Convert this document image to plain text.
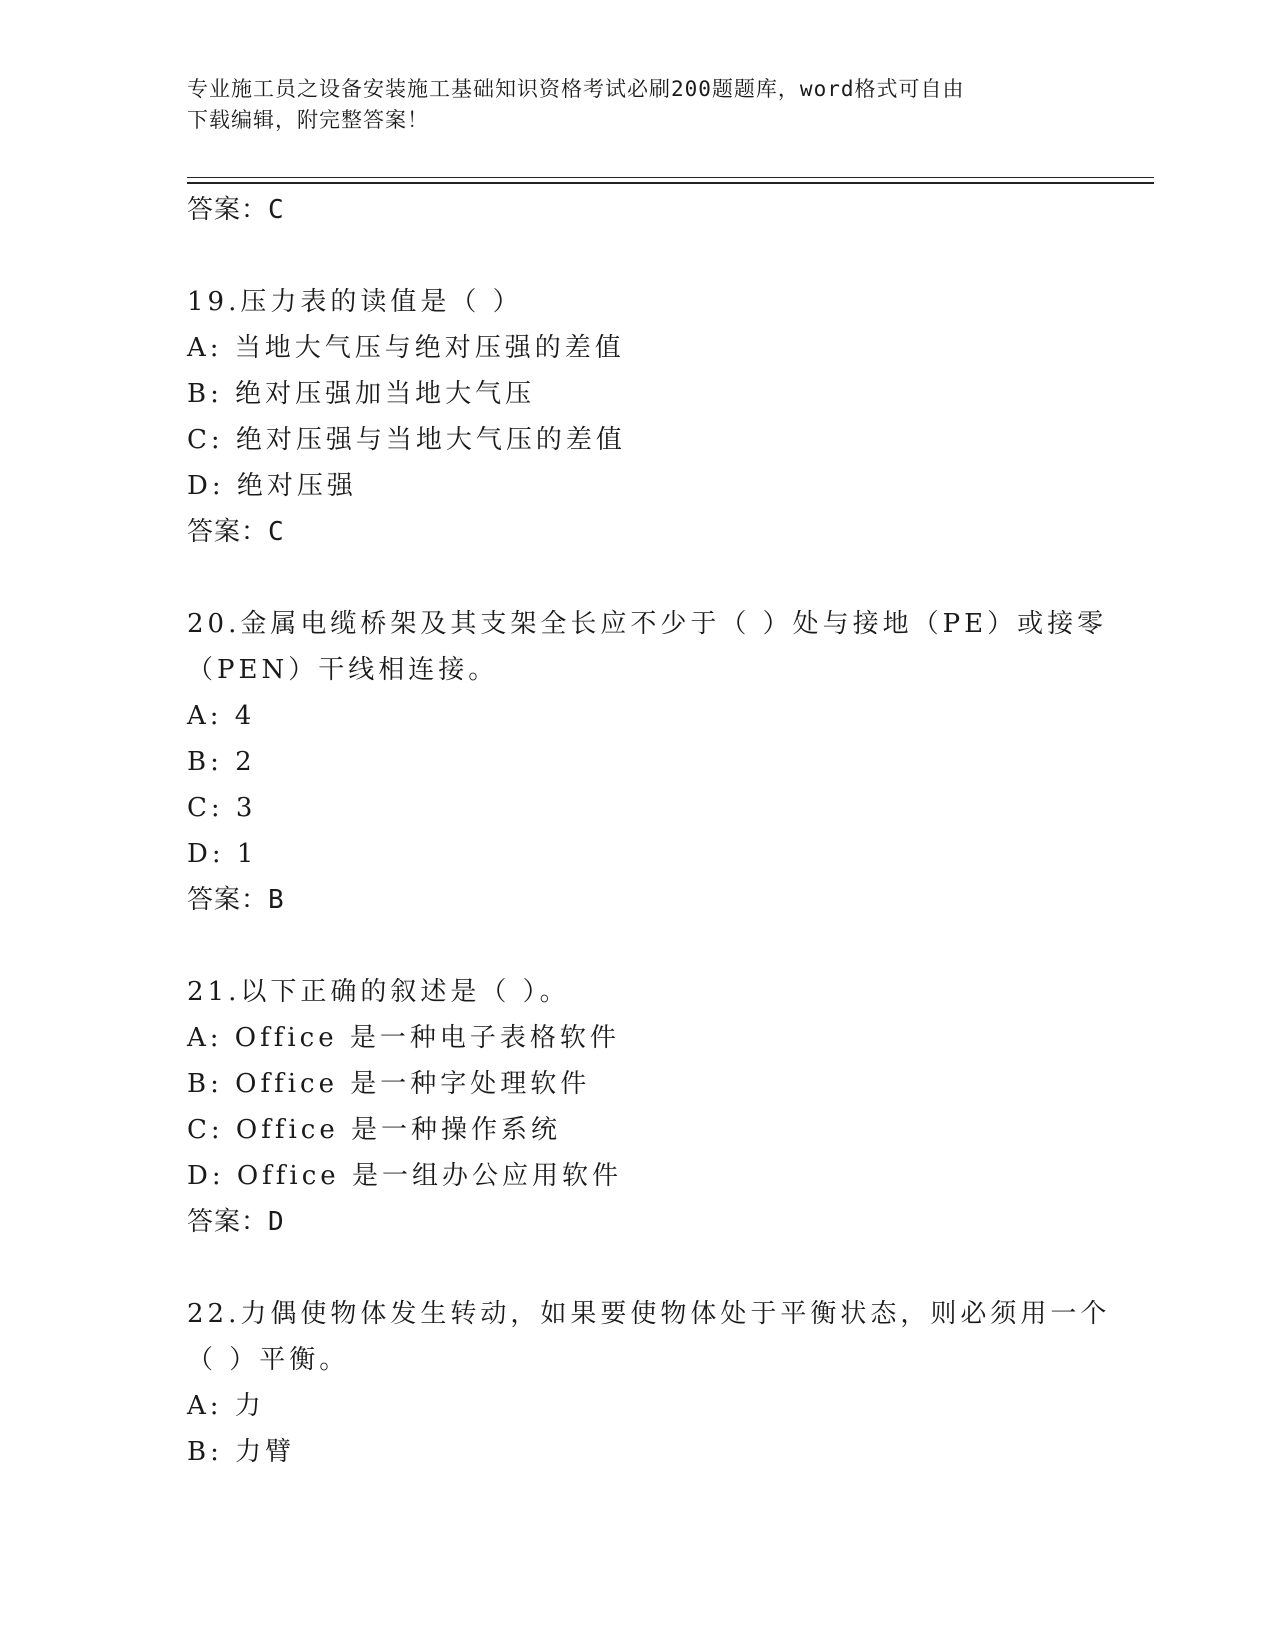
专业施工员之设备安装施工基础知识资格考试必刷200题题库，word格式可自由
下载编辑，附完整答案！
答案：C
19.压力表的读值是（ ）
A: 当地大气压与绝对压强的差值
B: 绝对压强加当地大气压
C: 绝对压强与当地大气压的差值
D: 绝对压强
答案：C
20.金属电缆桥架及其支架全长应不少于（ ）处与接地（PE）或接零
（PEN）干线相连接。
A: 4
B: 2
C: 3
D: 1
答案：B
21.以下正确的叙述是（ ）。
A: Office 是一种电子表格软件
B: Office 是一种字处理软件
C: Office 是一种操作系统
D: Office 是一组办公应用软件
答案：D
22.力偶使物体发生转动，如果要使物体处于平衡状态，则必须用一个
（ ）平衡。
A: 力
B: 力臂
